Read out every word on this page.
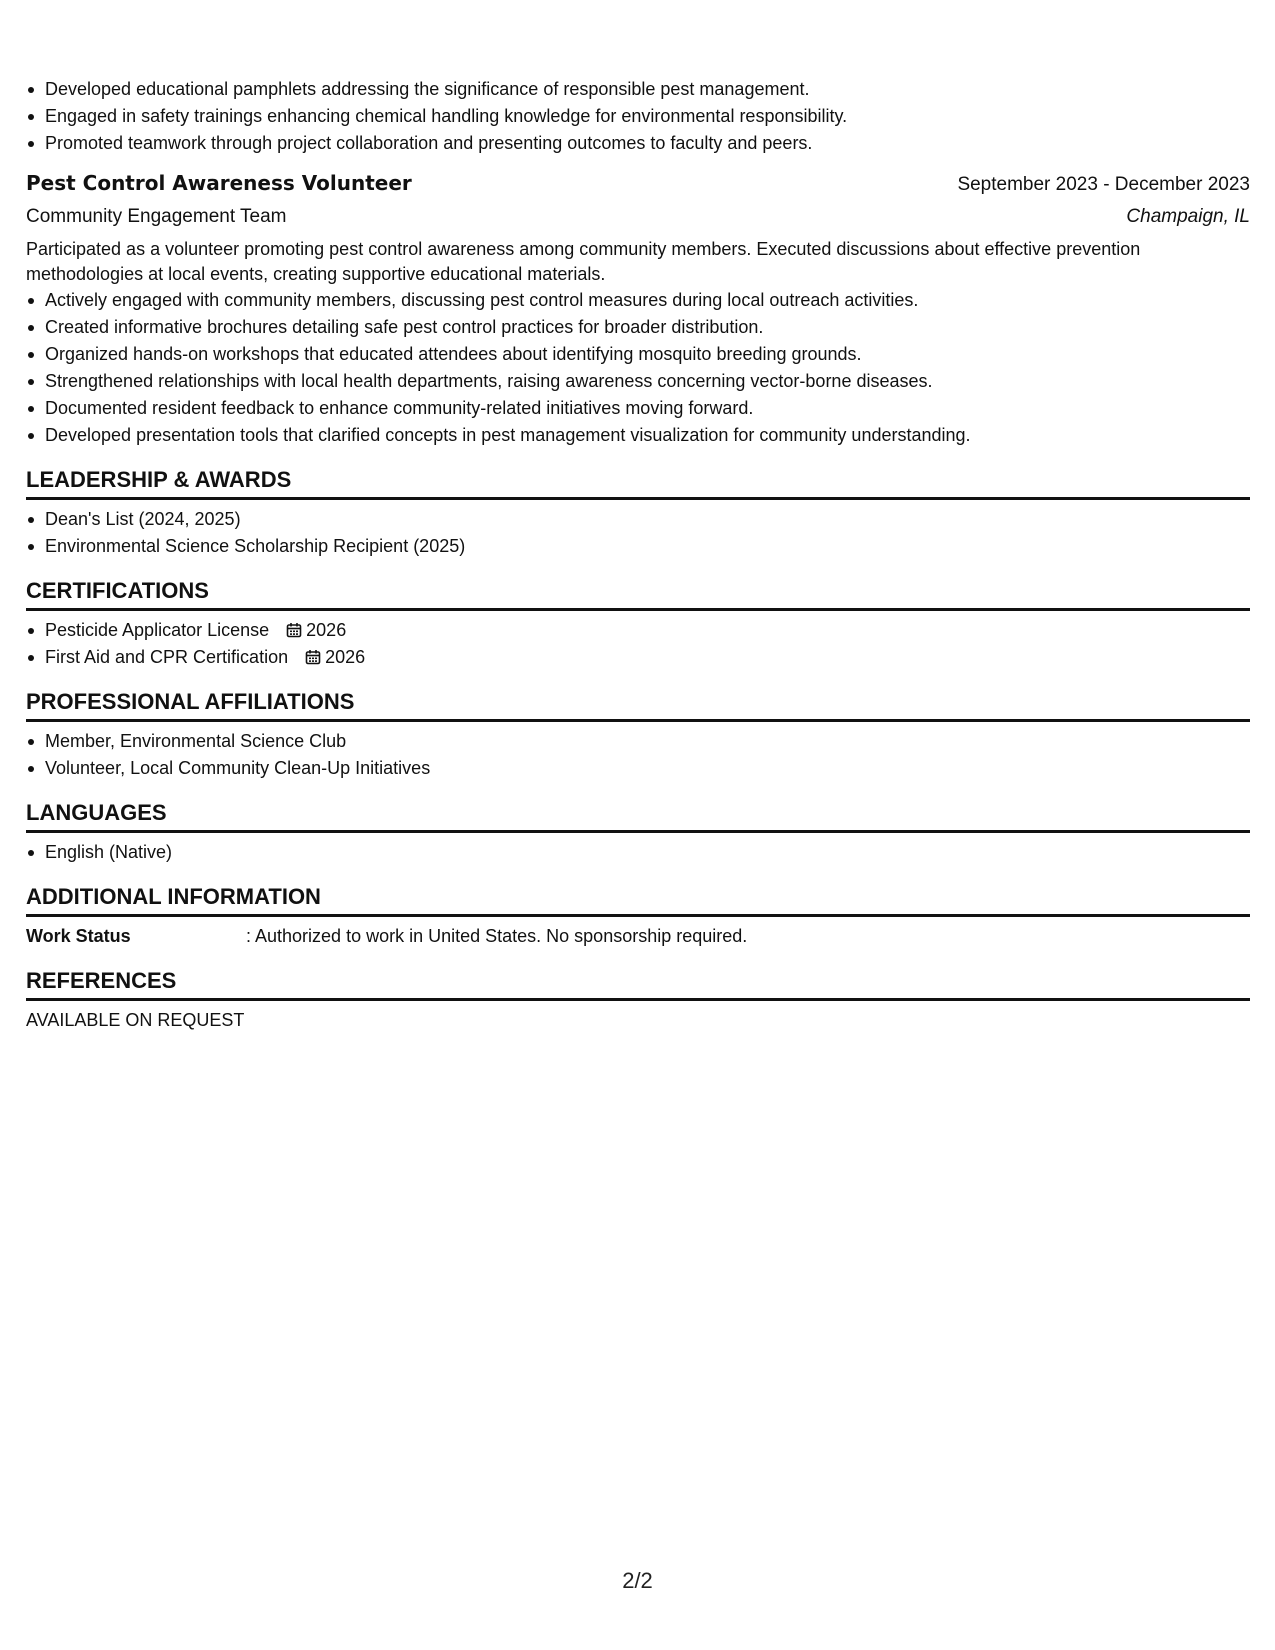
Developed educational pamphlets addressing the significance of responsible pest management.
Engaged in safety trainings enhancing chemical handling knowledge for environmental responsibility.
Promoted teamwork through project collaboration and presenting outcomes to faculty and peers.
Pest Control Awareness Volunteer	September 2023 - December 2023
Community Engagement Team	Champaign, IL
Participated as a volunteer promoting pest control awareness among community members. Executed discussions about effective prevention methodologies at local events, creating supportive educational materials.
Actively engaged with community members, discussing pest control measures during local outreach activities.
Created informative brochures detailing safe pest control practices for broader distribution.
Organized hands-on workshops that educated attendees about identifying mosquito breeding grounds.
Strengthened relationships with local health departments, raising awareness concerning vector-borne diseases.
Documented resident feedback to enhance community-related initiatives moving forward.
Developed presentation tools that clarified concepts in pest management visualization for community understanding.
LEADERSHIP & AWARDS
Dean's List (2024, 2025)
Environmental Science Scholarship Recipient (2025)
CERTIFICATIONS
Pesticide Applicator License 2026
First Aid and CPR Certification 2026
PROFESSIONAL AFFILIATIONS
Member, Environmental Science Club
Volunteer, Local Community Clean-Up Initiatives
LANGUAGES
English (Native)
ADDITIONAL INFORMATION
Work Status	: Authorized to work in United States. No sponsorship required.
REFERENCES
AVAILABLE ON REQUEST
2/2
